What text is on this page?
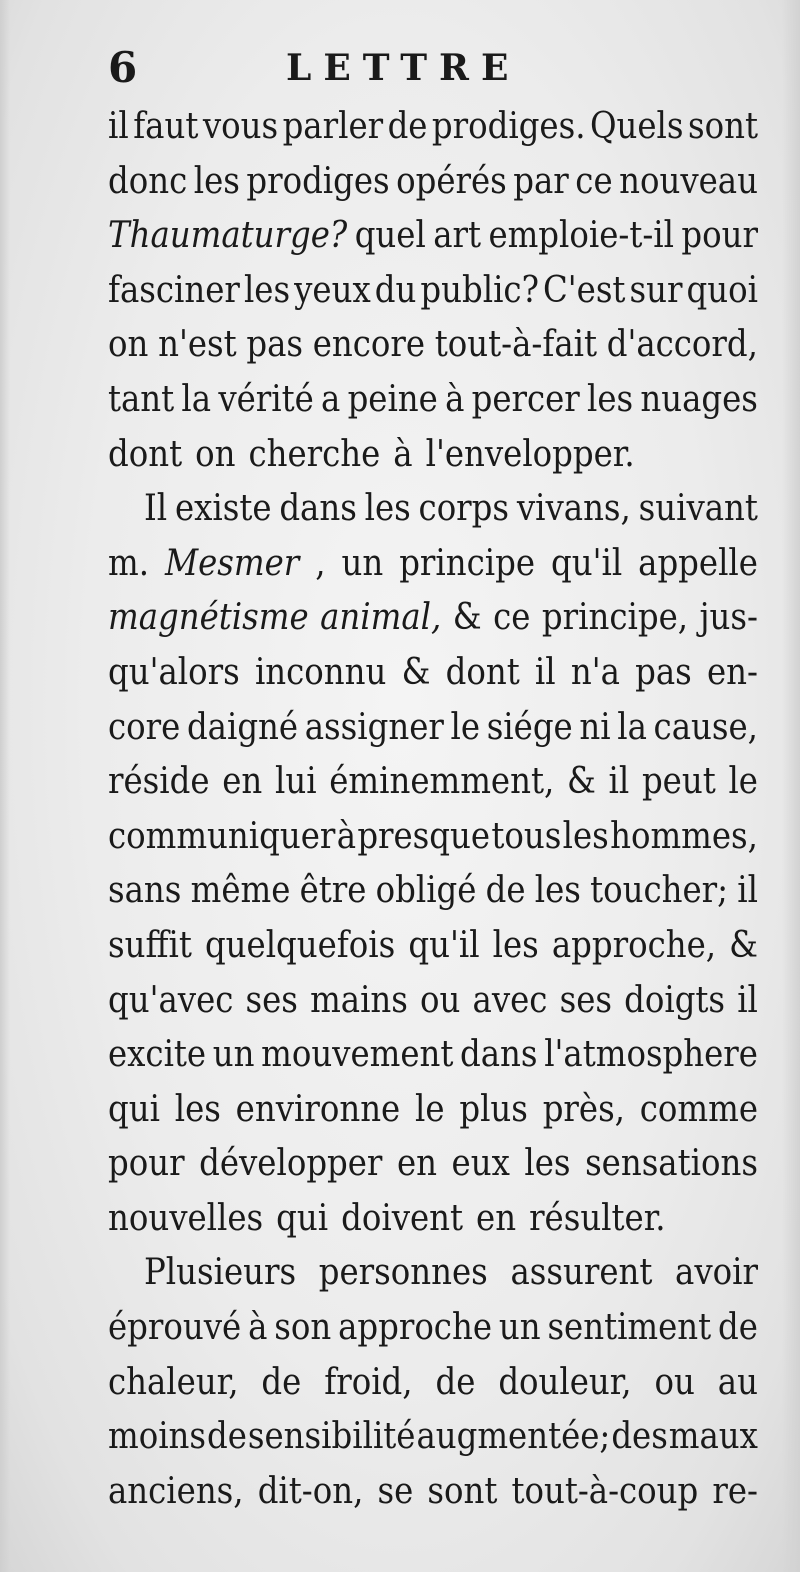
6	LETTRE
il faut vous parler de prodiges. Quels sont
donc les prodiges opérés par ce nouveau
Thaumaturge? quel art emploie-t-il pour
fasciner les yeux du public? C'est sur quoi
on n'est pas encore tout-à-fait d'accord,
tant la vérité a peine à percer les nuages
dont on cherche à l'envelopper.
Il existe dans les corps vivans, suivant
m. Mesmer , un principe qu'il appelle
magnétisme animal, & ce principe, jus-
qu'alors inconnu & dont il n'a pas en-
core daigné assigner le siége ni la cause,
réside en lui éminemment, & il peut le
communiquer à presque tous les hommes,
sans même être obligé de les toucher; il
suffit quelquefois qu'il les approche, &
qu'avec ses mains ou avec ses doigts il
excite un mouvement dans l'atmosphere
qui les environne le plus près, comme
pour développer en eux les sensations
nouvelles qui doivent en résulter.
Plusieurs personnes assurent avoir
éprouvé à son approche un sentiment de
chaleur, de froid, de douleur, ou au
moins de sensibilité augmentée; des maux
anciens, dit-on, se sont tout-à-coup re-
